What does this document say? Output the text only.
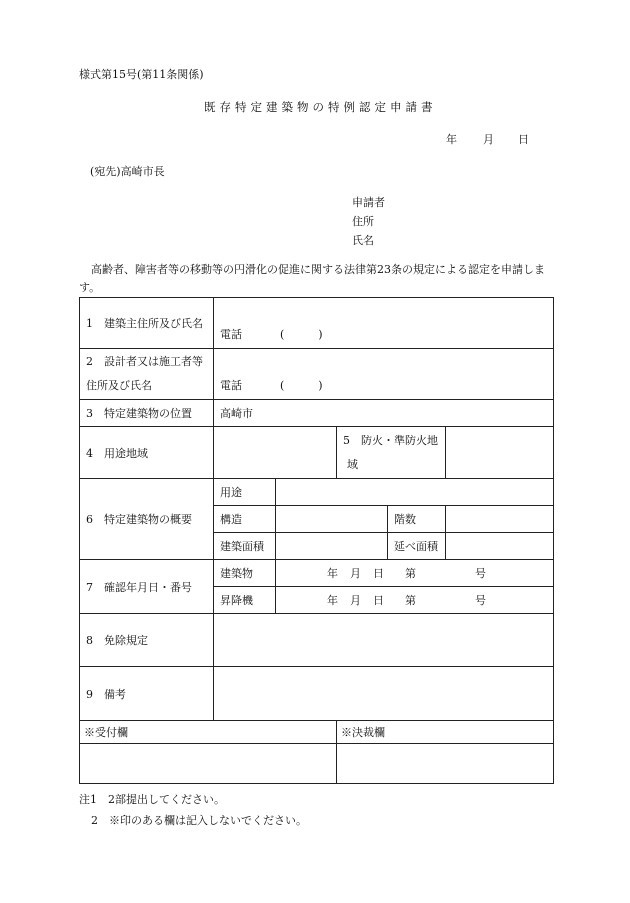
様式第15号(第11条関係)
既存特定建築物の特例認定申請書
年 月 日
(宛先)高崎市長
申請者
住所
氏名
高齢者、障害者等の移動等の円滑化の促進に関する法律第23条の規定による認定を申請します。
1　建築主住所及び氏名	電話 ( )				
2　設計者又は施工者等
住所及び氏名	電話 ( )				
3　特定建築物の位置	高崎市				
4　用途地域			5　防火・準防火地
域		
6　特定建築物の概要	用途				
	構造			階数	
	建築面積			延べ面積	
7　確認年月日・番号	建築物	年 月 日 第 号			
	昇降機	年 月 日 第 号			
8　免除規定					
9　備考					
※受付欄			※決裁欄		

注1　2部提出してください。
2　※印のある欄は記入しないでください。
